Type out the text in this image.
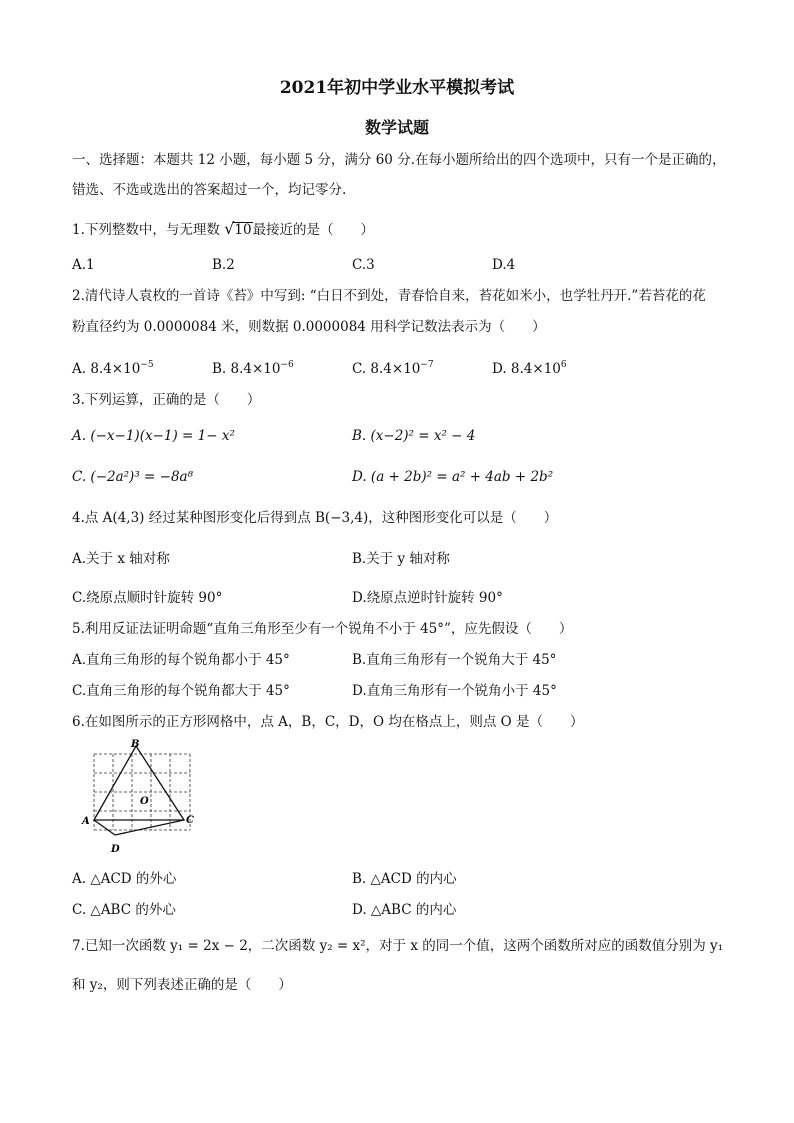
2021年初中学业水平模拟考试
数学试题
一、选择题：本题共 12 小题，每小题 5 分，满分 60 分.在每小题所给出的四个选项中，只有一个是正确的，
错选、不选或选出的答案超过一个，均记零分.
1.下列整数中，与无理数 √10最接近的是（　　）
A.1	B.2	C.3	D.4
2.清代诗人袁枚的一首诗《苔》中写到: “白日不到处，青春恰自来，苔花如米小，也学牡丹开.”若苔花的花
粉直径约为 0.0000084 米，则数据 0.0000084 用科学记数法表示为（　　）
A. $8.4\times 10^{-5}$	B. $8.4\times 10^{-6}$	C. $8.4\times 10^{-7}$	D. $8.4\times 10^6$
3.下列运算，正确的是（　　）
A. (−x−1)(x−1) = 1− x²	B. (x−2)² = x² − 4
C. (−2a²)³ = −8a⁸	D. (a + 2b)² = a² + 4ab + 2b²
4.点 A(4,3) 经过某种图形变化后得到点 B(−3,4)，这种图形变化可以是（　　）
A.关于 x 轴对称	B.关于 y 轴对称
C.绕原点顺时针旋转 90°	D.绕原点逆时针旋转 90°
5.利用反证法证明命题“直角三角形至少有一个锐角不小于 45°”，应先假设（　　）
A.直角三角形的每个锐角都小于 45°	B.直角三角形有一个锐角大于 45°
C.直角三角形的每个锐角都大于 45°	D.直角三角形有一个锐角小于 45°
6.在如图所示的正方形网格中，点 A，B，C，D，O 均在格点上，则点 O 是（　　）
B
A	C
D
O
A. △ACD 的外心	B. △ACD 的内心
C. △ABC 的外心	D. △ABC 的内心
7.已知一次函数 y₁ = 2x − 2，二次函数 y₂ = x²，对于 x 的同一个值，这两个函数所对应的函数值分别为 y₁
和 y₂，则下列表述正确的是（　　）
